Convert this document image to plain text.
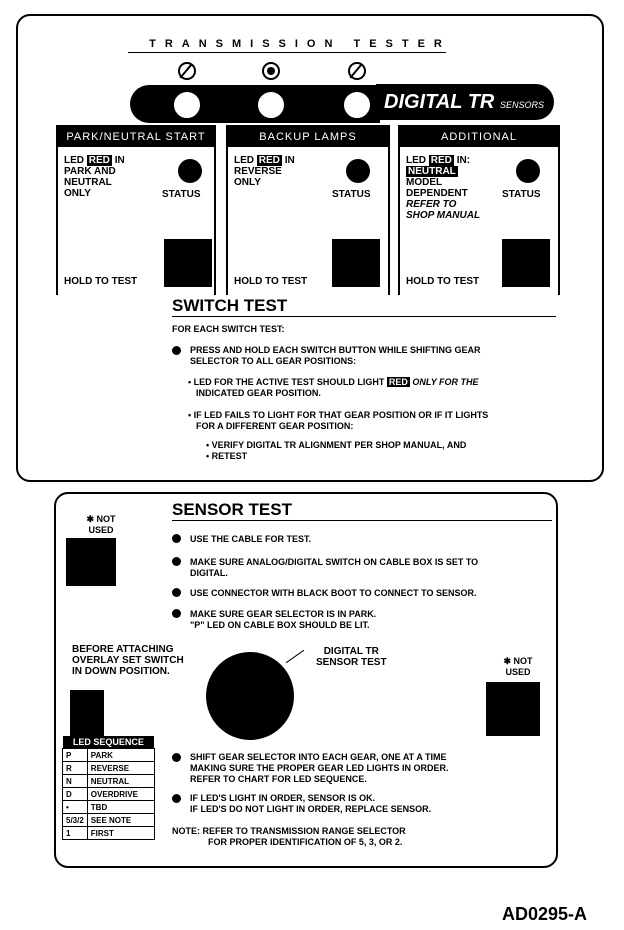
TRANSMISSION TESTER
DIGITAL TR SENSORS
PARK/NEUTRAL START
LED RED IN
PARK AND
NEUTRAL
ONLY	STATUS
HOLD TO TEST
BACKUP LAMPS
LED RED IN
REVERSE
ONLY
STATUS
HOLD TO TEST
ADDITIONAL
LED RED IN:
NEUTRAL
MODEL
DEPENDENT
REFER TO
SHOP MANUAL
STATUS
HOLD TO TEST
SWITCH TEST
FOR EACH SWITCH TEST:
PRESS AND HOLD EACH SWITCH BUTTON WHILE SHIFTING GEAR
SELECTOR TO ALL GEAR POSITIONS:
• LED FOR THE ACTIVE TEST SHOULD LIGHT RED ONLY FOR THE
INDICATED GEAR POSITION.
• IF LED FAILS TO LIGHT FOR THAT GEAR POSITION OR IF IT LIGHTS
FOR A DIFFERENT GEAR POSITION:
• VERIFY DIGITAL TR ALIGNMENT PER SHOP MANUAL, AND
• RETEST
✱ NOT USED
SENSOR TEST
USE THE CABLE FOR TEST.
MAKE SURE ANALOG/DIGITAL SWITCH ON CABLE BOX IS SET TO
DIGITAL.
USE CONNECTOR WITH BLACK BOOT TO CONNECT TO SENSOR.
MAKE SURE GEAR SELECTOR IS IN PARK.
"P" LED ON CABLE BOX SHOULD BE LIT.
BEFORE ATTACHING
OVERLAY SET SWITCH
IN DOWN POSITION.
DIGITAL TR
SENSOR TEST	✱ NOT USED
LED SEQUENCE	
P	PARK
R	REVERSE
N	NEUTRAL
D	OVERDRIVE
•	TBD
5/3/2	SEE NOTE
1	FIRST
SHIFT GEAR SELECTOR INTO EACH GEAR, ONE AT A TIME
MAKING SURE THE PROPER GEAR LED LIGHTS IN ORDER.
REFER TO CHART FOR LED SEQUENCE.
IF LED'S LIGHT IN ORDER, SENSOR IS OK.
IF LED'S DO NOT LIGHT IN ORDER, REPLACE SENSOR.
NOTE: REFER TO TRANSMISSION RANGE SELECTOR
FOR PROPER IDENTIFICATION OF 5, 3, OR 2.
AD0295-A
